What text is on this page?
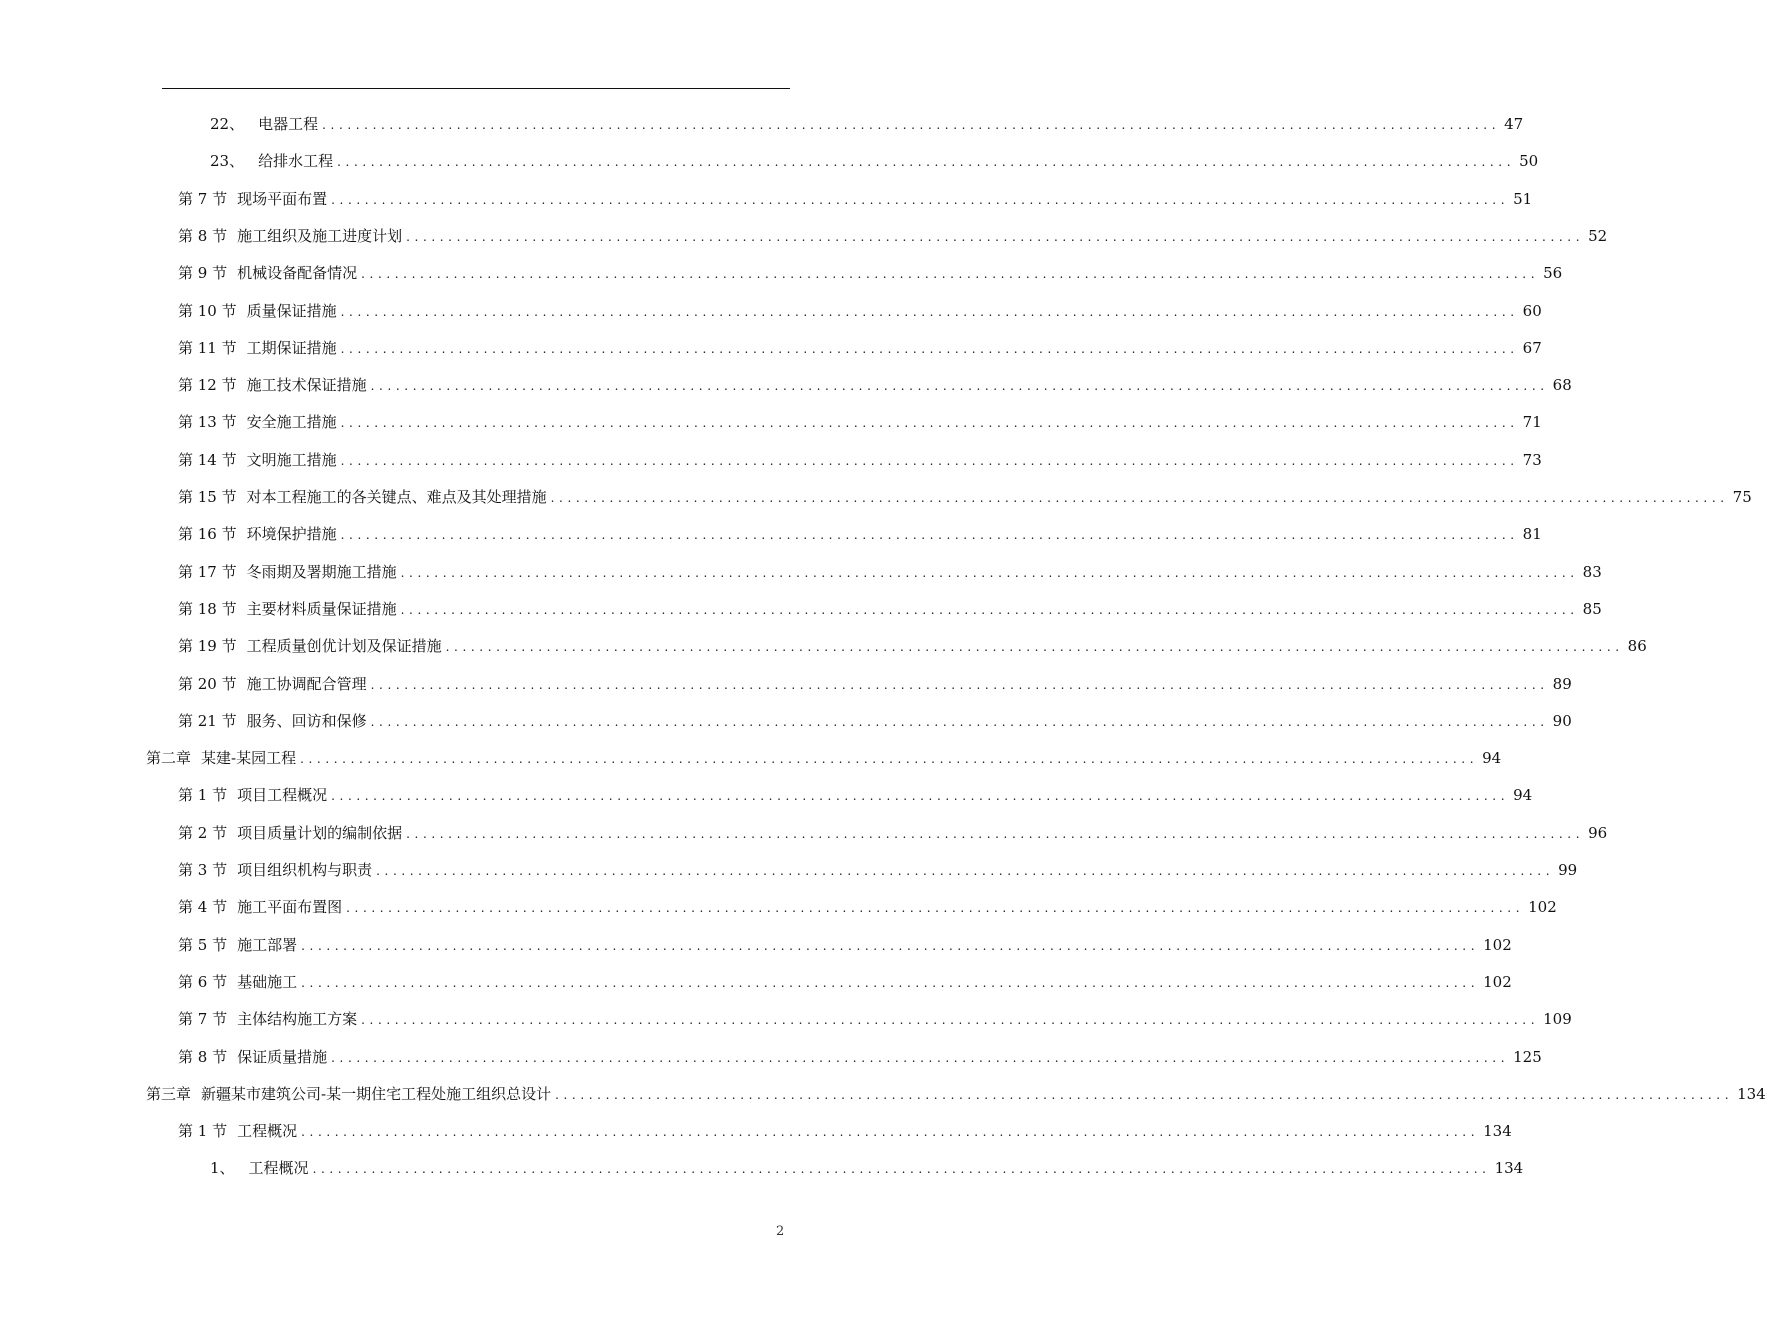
22、 电器工程 ............................................................................................................................................ 47
23、 给排水工程 ............................................................................................................................................ 50
第 7 节 现场平面布置 ............................................................................................................................................ 51
第 8 节 施工组织及施工进度计划 ............................................................................................................................................ 52
第 9 节 机械设备配备情况 ............................................................................................................................................ 56
第 10 节 质量保证措施 ............................................................................................................................................ 60
第 11 节 工期保证措施 ............................................................................................................................................ 67
第 12 节 施工技术保证措施 ............................................................................................................................................ 68
第 13 节 安全施工措施 ............................................................................................................................................ 71
第 14 节 文明施工措施 ............................................................................................................................................ 73
第 15 节 对本工程施工的各关键点、难点及其处理措施 ............................................................................................................................................ 75
第 16 节 环境保护措施 ............................................................................................................................................ 81
第 17 节 冬雨期及署期施工措施 ............................................................................................................................................ 83
第 18 节 主要材料质量保证措施 ............................................................................................................................................ 85
第 19 节 工程质量创优计划及保证措施 ............................................................................................................................................ 86
第 20 节 施工协调配合管理 ............................................................................................................................................ 89
第 21 节 服务、回访和保修 ............................................................................................................................................ 90
第二章 某建-某园工程 ............................................................................................................................................ 94
第 1 节 项目工程概况 ............................................................................................................................................ 94
第 2 节 项目质量计划的编制依据 ............................................................................................................................................ 96
第 3 节 项目组织机构与职责 ............................................................................................................................................ 99
第 4 节 施工平面布置图 ............................................................................................................................................ 102
第 5 节 施工部署 ............................................................................................................................................ 102
第 6 节 基础施工 ............................................................................................................................................ 102
第 7 节 主体结构施工方案 ............................................................................................................................................ 109
第 8 节 保证质量措施 ............................................................................................................................................ 125
第三章 新疆某市建筑公司-某一期住宅工程处施工组织总设计 ............................................................................................................................................ 134
第 1 节 工程概况 ............................................................................................................................................ 134
1、 工程概况 ............................................................................................................................................ 134
2
